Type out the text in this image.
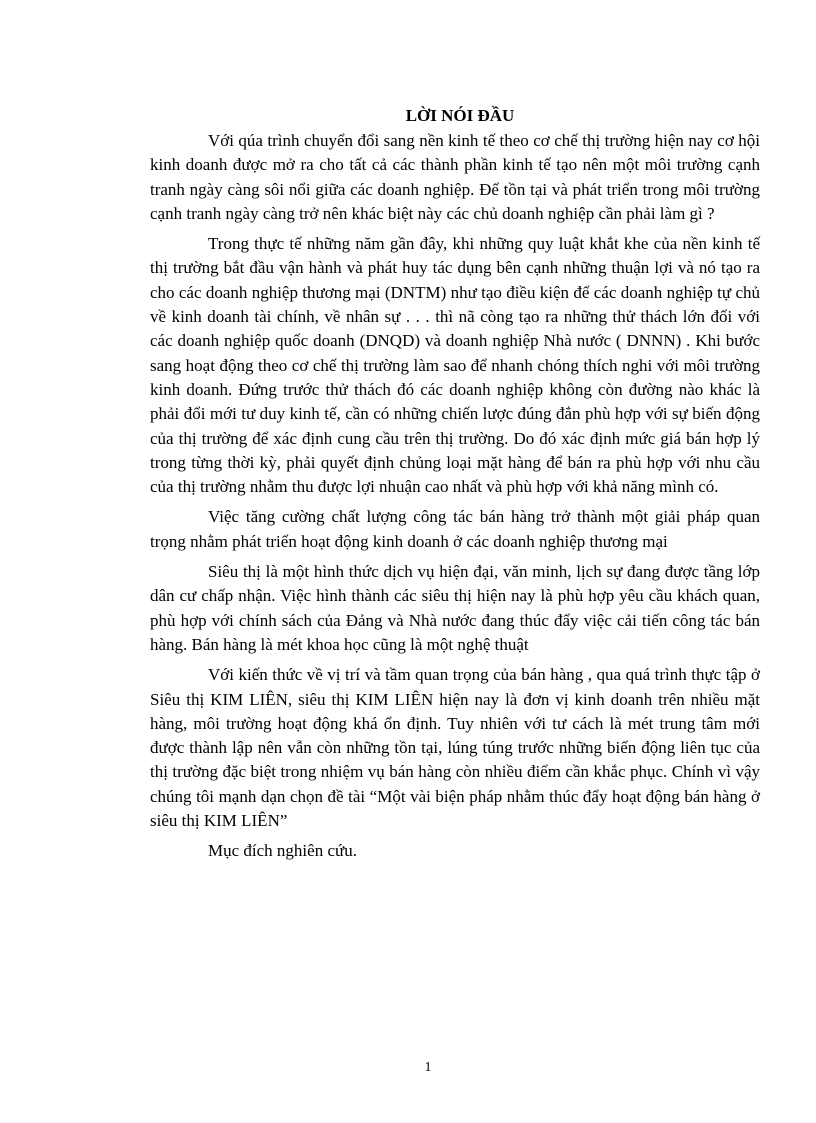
LỜI NÓI ĐẦU

Với qúa trình chuyển đổi sang nền kinh tế theo cơ chế thị trường hiện nay cơ hội kinh doanh được mở ra cho tất cả các thành phần kinh tế tạo nên một môi trường cạnh tranh ngày càng sôi nổi giữa các doanh nghiệp. Để tồn tại và phát triển trong môi trường cạnh tranh ngày càng trở nên khác biệt này các chủ doanh nghiệp cần phải làm gì ?

Trong thực tế những năm gần đây, khi những quy luật khắt khe của nền kinh tế thị trường bắt đầu vận hành và phát huy tác dụng bên cạnh những thuận lợi và nó tạo ra cho các doanh nghiệp thương mại (DNTM) như tạo điều kiện để các doanh nghiệp tự chủ về kinh doanh tài chính, về nhân sự . . . thì nã còng tạo ra những thử thách lớn đối với các doanh nghiệp quốc doanh (DNQD) và doanh nghiệp Nhà nước ( DNNN) . Khi bước sang hoạt động theo cơ chế thị trường làm sao để nhanh chóng thích nghi với môi trường kinh doanh. Đứng trước thử thách đó các doanh nghiệp không còn đường nào khác là phải đổi mới tư duy kinh tế, cần có những chiến lược đúng đắn phù hợp với sự biến động của thị trường để xác định cung cầu trên thị trường. Do đó xác định mức giá bán hợp lý trong từng thời kỳ, phải quyết định chủng loại mặt hàng để bán ra phù hợp với nhu cầu của thị trường nhằm thu được lợi nhuận cao nhất và phù hợp với khả năng mình có.

Việc tăng cường chất lượng công tác bán hàng trở thành một giải pháp quan trọng nhằm phát triển hoạt động kinh doanh ở các doanh nghiệp thương mại

Siêu thị là một hình thức dịch vụ hiện đại, văn minh, lịch sự đang được tầng lớp dân cư chấp nhận. Việc hình thành các siêu thị hiện nay là phù hợp yêu cầu khách quan, phù hợp với chính sách của Đảng và Nhà nước đang thúc đẩy việc cải tiến công tác bán hàng. Bán hàng là mét khoa học cũng là một nghệ thuật

Với kiến thức về vị trí và tầm quan trọng của bán hàng , qua quá trình thực tập ở Siêu thị KIM LIÊN, siêu thị KIM LIÊN hiện nay là đơn vị kinh doanh trên nhiều mặt hàng, môi trường hoạt động khá ổn định. Tuy nhiên với tư cách là mét trung tâm mới được thành lập nên vẫn còn những tồn tại, lúng túng trước những biến động liên tục của thị trường đặc biệt trong nhiệm vụ bán hàng còn nhiều điểm cần khắc phục. Chính vì vậy chúng tôi mạnh dạn chọn đề tài “Một vài biện pháp nhằm thúc đẩy hoạt động bán hàng ở siêu thị KIM LIÊN”

Mục đích nghiên cứu.

1
